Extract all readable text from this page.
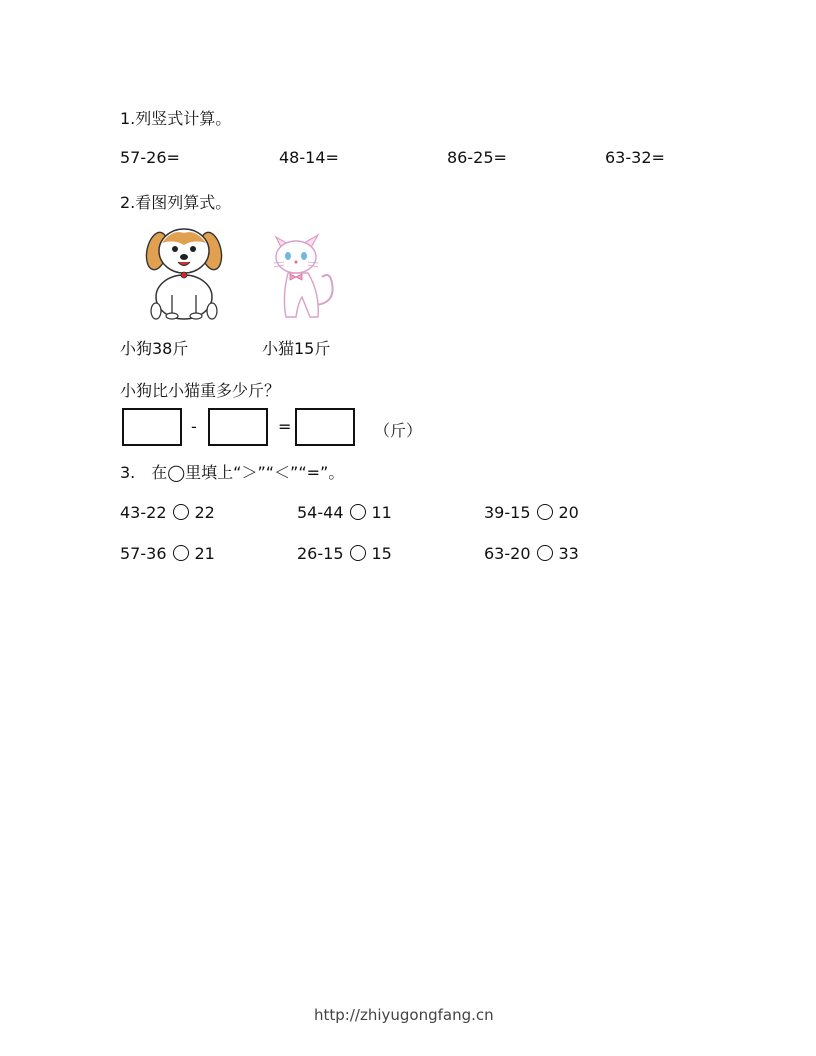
1.列竖式计算。
57-26=	48-14=	86-25=	63-32=
2.看图列算式。
小狗38斤	小猫15斤
小狗比小猫重多少斤？
-	=	（斤）
3.　在◯里填上“＞”“＜”“=”。
43-22 22	54-44 11	39-15 20
57-36 21	26-15 15	63-20 33
http://zhiyugongfang.cn
